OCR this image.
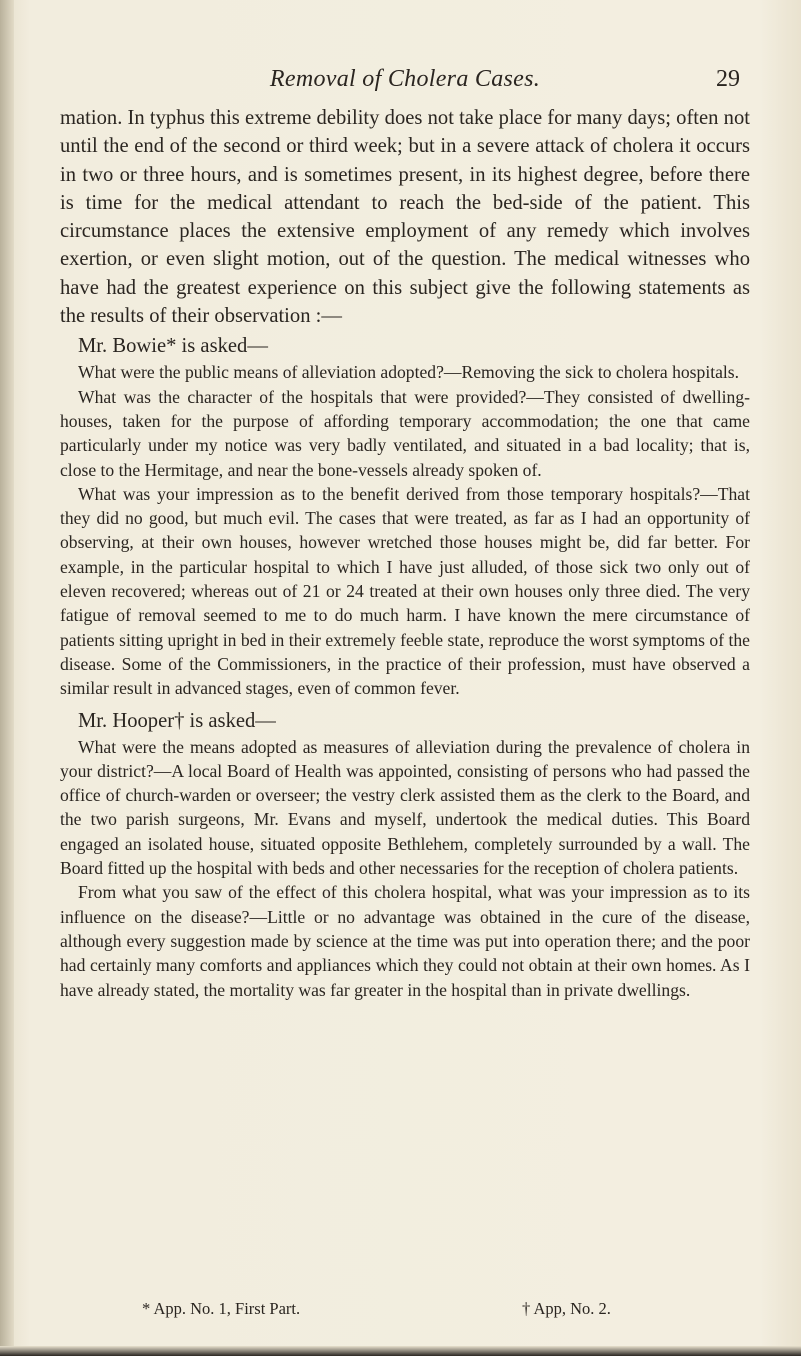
Removal of Cholera Cases.	29

mation. In typhus this extreme debility does not take place for many days; often not until the end of the second or third week; but in a severe attack of cholera it occurs in two or three hours, and is sometimes present, in its highest degree, before there is time for the medical attendant to reach the bed-side of the patient. This circumstance places the extensive employment of any remedy which involves exertion, or even slight motion, out of the question. The medical witnesses who have had the greatest experience on this subject give the following statements as the results of their observation :—

Mr. Bowie* is asked—

What were the public means of alleviation adopted?—Removing the sick to cholera hospitals.

What was the character of the hospitals that were provided?—They consisted of dwelling-houses, taken for the purpose of affording temporary accommodation; the one that came particularly under my notice was very badly ventilated, and situated in a bad locality; that is, close to the Hermitage, and near the bone-vessels already spoken of.

What was your impression as to the benefit derived from those temporary hospitals?—That they did no good, but much evil. The cases that were treated, as far as I had an opportunity of observing, at their own houses, however wretched those houses might be, did far better. For example, in the particular hospital to which I have just alluded, of those sick two only out of eleven recovered; whereas out of 21 or 24 treated at their own houses only three died. The very fatigue of removal seemed to me to do much harm. I have known the mere circumstance of patients sitting upright in bed in their extremely feeble state, reproduce the worst symptoms of the disease. Some of the Commissioners, in the practice of their profession, must have observed a similar result in advanced stages, even of common fever.

Mr. Hooper† is asked—

What were the means adopted as measures of alleviation during the prevalence of cholera in your district?—A local Board of Health was appointed, consisting of persons who had passed the office of church-warden or overseer; the vestry clerk assisted them as the clerk to the Board, and the two parish surgeons, Mr. Evans and myself, undertook the medical duties. This Board engaged an isolated house, situated opposite Bethlehem, completely surrounded by a wall. The Board fitted up the hospital with beds and other necessaries for the reception of cholera patients.

From what you saw of the effect of this cholera hospital, what was your impression as to its influence on the disease?—Little or no advantage was obtained in the cure of the disease, although every suggestion made by science at the time was put into operation there; and the poor had certainly many comforts and appliances which they could not obtain at their own homes. As I have already stated, the mortality was far greater in the hospital than in private dwellings.

* App. No. 1, First Part.	† App, No. 2.
